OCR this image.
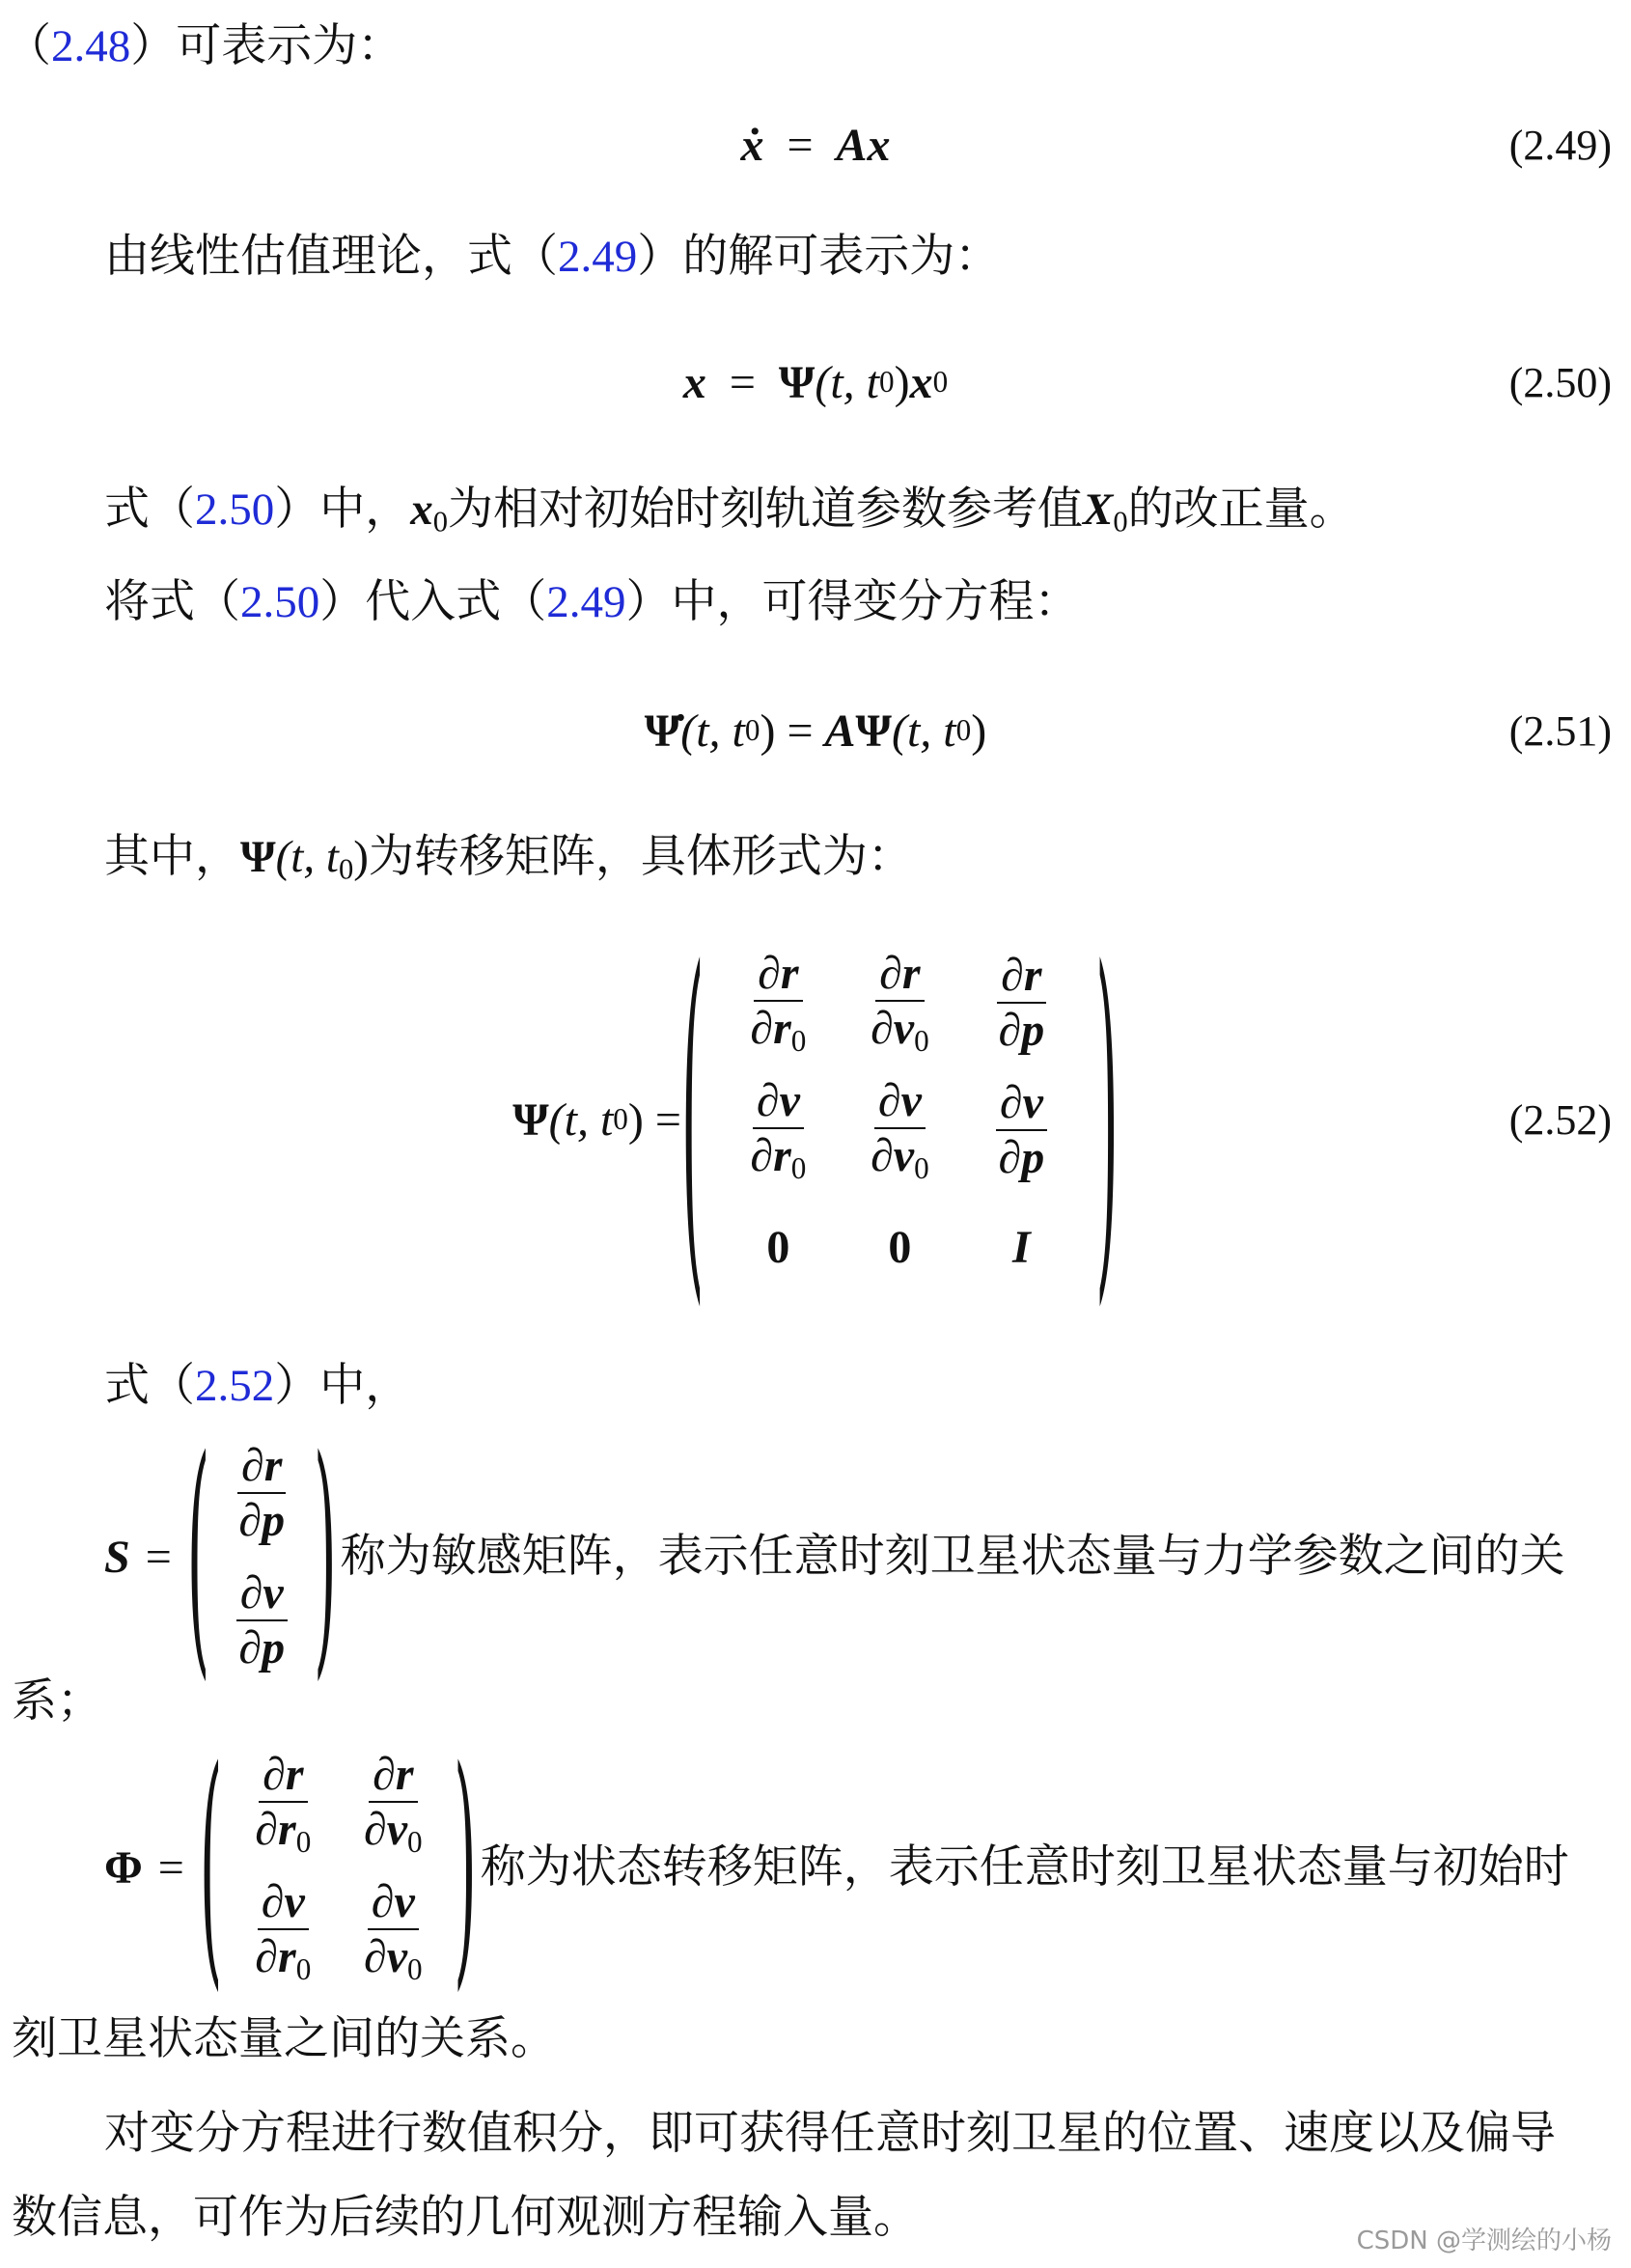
（2.48）可表示为：
ẋ
=
A x	(2.49)
由线性估值理论，式（2.49）的解可表示为：
x
=
Ψ (t, t 0 ) x 0	(2.50)
式（2.50）中，$x_0$为相对初始时刻轨道参数参考值$X_0$的改正量。
将式（2.50）代入式（2.49）中，可得变分方程：
Ψ̇ (t, t 0 )
=
A Ψ (t, t 0 )	(2.51)
其中，Ψ(t, $t_0$)为转移矩阵，具体形式为：
Ψ (t, t 0 )
= ( $\frac{\partial r}{\partial r_0} \frac{\partial r}{\partial v_0} \frac{\partial r}{\partial p}$
$\frac{\partial v}{\partial r_0} \frac{\partial v}{\partial v_0} \frac{\partial v}{\partial p}$
0 0 I )	(2.52)
式（2.52）中，
S = ( $\frac{\partial r}{\partial p}$
$\frac{\partial v}{\partial p}$ ) 称为敏感矩阵，表示任意时刻卫星状态量与力学参数之间的关
系；
Φ = ( $\frac{\partial r}{\partial r_0} \frac{\partial r}{\partial v_0}$
$\frac{\partial v}{\partial r_0} \frac{\partial v}{\partial v_0}$ ) 称为状态转移矩阵，表示任意时刻卫星状态量与初始时
刻卫星状态量之间的关系。
对变分方程进行数值积分，即可获得任意时刻卫星的位置、速度以及偏导
数信息，可作为后续的几何观测方程输入量。	CSDN @学测绘的小杨
